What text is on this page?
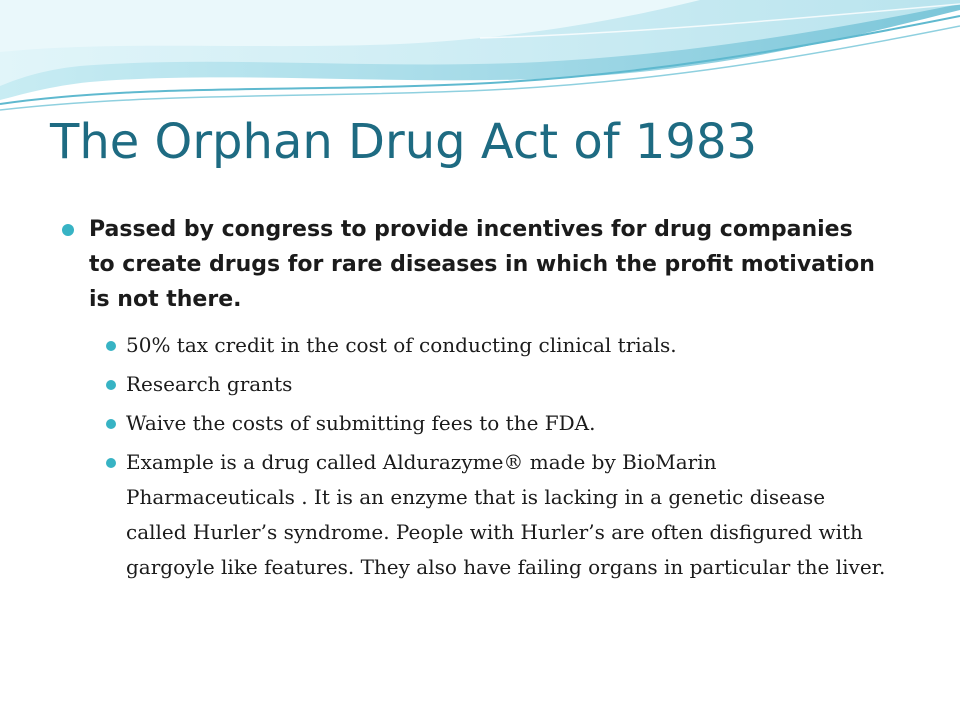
The Orphan Drug Act of 1983
Passed by congress to provide incentives for drug companies to create drugs for rare diseases in which the profit motivation is not there.
50% tax credit in the cost of conducting clinical trials.
Research grants
Waive the costs of submitting fees to the FDA.
Example is a drug called Aldurazyme® made by BioMarin Pharmaceuticals . It is an enzyme that is lacking in a genetic disease called Hurler’s syndrome. People with Hurler’s are often disfigured with gargoyle like features. They also have failing organs in particular the liver.
